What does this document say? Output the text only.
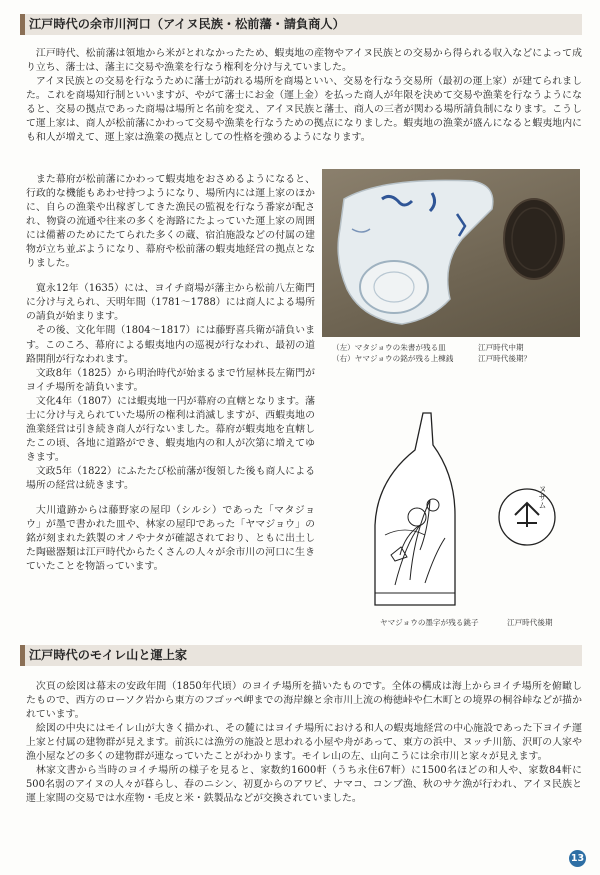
江戸時代の余市川河口（アイヌ民族・松前藩・請負商人）

江戸時代、松前藩は領地から米がとれなかったため、蝦夷地の産物やアイヌ民族との交易から得られる収入などによって成り立ち、藩士は、藩主に交易や漁業を行なう権利を分け与えていました。

アイヌ民族との交易を行なうために藩士が訪れる場所を商場といい、交易を行なう交易所（最初の運上家）が建てられました。これを商場知行制といいますが、やがて藩士にお金（運上金）を払った商人が年限を決めて交易や漁業を行なうようになると、交易の拠点であった商場は場所と名前を変え、アイヌ民族と藩士、商人の三者が関わる場所請負制になります。こうして運上家は、商人が松前藩にかわって交易や漁業を行なうための拠点になりました。蝦夷地の漁業が盛んになると蝦夷地内にも和人が増えて、運上家は漁業の拠点としての性格を強めるようになります。

また幕府が松前藩にかわって蝦夷地をおさめるようになると、行政的な機能もあわせ持つようになり、場所内には運上家のほかに、自らの漁業や出稼ぎしてきた漁民の監視を行なう番家が配され、物資の流通や往来の多くを海路にたよっていた運上家の周囲には備蓄のためにたてられた多くの蔵、宿泊施設などの付属の建物が立ち並ぶようになり、幕府や松前藩の蝦夷地経営の拠点となりました。

寛永12年（1635）には、ヨイチ商場が藩主から松前八左衛門に分け与えられ、天明年間（1781～1788）には商人による場所の請負が始まります。

その後、文化年間（1804～1817）には藤野喜兵衛が請負います。このころ、幕府による蝦夷地内の巡視が行なわれ、最初の道路開削が行なわれます。

文政8年（1825）から明治時代が始まるまで竹屋林長左衛門がヨイチ場所を請負います。

文化4年（1807）には蝦夷地一円が幕府の直轄となります。藩士に分け与えられていた場所の権利は消滅しますが、西蝦夷地の漁業経営は引き続き商人が行ないました。幕府が蝦夷地を直轄したこの頃、各地に道路ができ、蝦夷地内の和人が次第に増えてゆきます。

文政5年（1822）にふたたび松前藩が復領した後も商人による場所の経営は続きます。

大川遺跡からは藤野家の屋印（シルシ）であった「マタジョウ」が墨で書かれた皿や、林家の屋印であった「ヤマジョウ」の銘が刻まれた鉄製のオノやナタが確認されており、ともに出土した陶磁器類は江戸時代からたくさんの人々が余市川の河口に生きていたことを物語っています。

（左）マタジョウの朱書が残る皿	江戸時代中期
（右）ヤマジョウの銘が残る上棟銭	江戸時代後期？
ヌサム
ヤマジョウの墨字が残る銚子	江戸時代後期
江戸時代のモイレ山と運上家

次頁の絵図は幕末の安政年間（1850年代頃）のヨイチ場所を描いたものです。全体の構成は海上からヨイチ場所を俯瞰したもので、西方のローソク岩から東方のフゴッペ岬までの海岸線と余市川上流の梅徳峠や仁木町との境界の桐谷峠などが描かれています。

絵図の中央にはモイレ山が大きく描かれ、その麓にはヨイチ場所における和人の蝦夷地経営の中心施設であった下ヨイチ運上家と付属の建物群が見えます。前浜には漁労の施設と思われる小屋や舟があって、東方の浜中、ヌッチ川筋、沢町の人家や漁小屋などの多くの建物群が連なっていたことがわかります。モイレ山の左、山向こうには余市川と家々が見えます。

林家文書から当時のヨイチ場所の様子を見ると、家数約1600軒（うち永住67軒）に1500名ほどの和人や、家数84軒に500名弱のアイヌの人々が暮らし、春のニシン、初夏からのアワビ、ナマコ、コンブ漁、秋のサケ漁が行われ、アイヌ民族と運上家間の交易では水産物・毛皮と米・鉄製品などが交換されていました。

13
